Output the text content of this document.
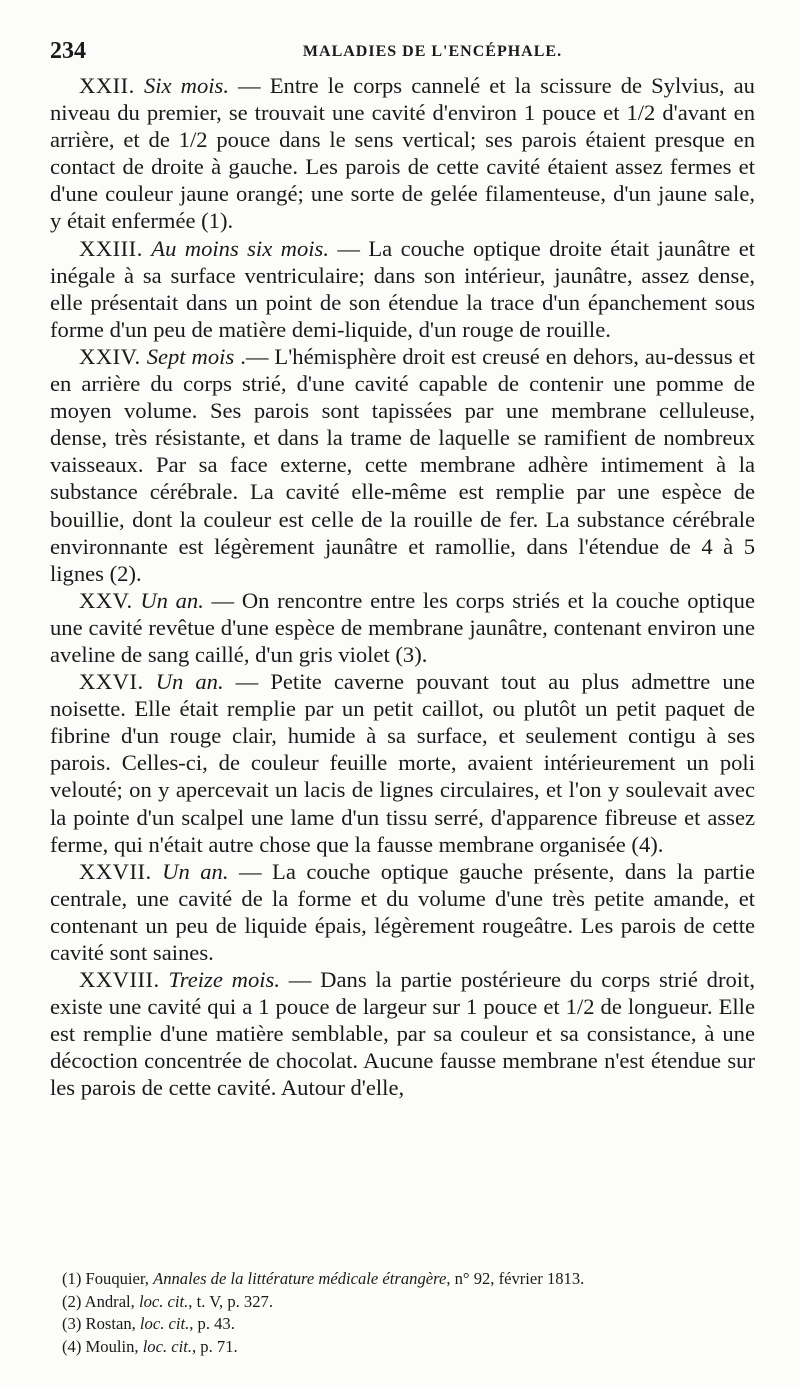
234	MALADIES DE L'ENCÉPHALE.

XXII. Six mois. — Entre le corps cannelé et la scissure de Sylvius, au niveau du premier, se trouvait une cavité d'environ 1 pouce et 1/2 d'avant en arrière, et de 1/2 pouce dans le sens vertical; ses parois étaient presque en contact de droite à gauche. Les parois de cette cavité étaient assez fermes et d'une couleur jaune orangé; une sorte de gelée filamenteuse, d'un jaune sale, y était enfermée (1).

XXIII. Au moins six mois. — La couche optique droite était jaunâtre et inégale à sa surface ventriculaire; dans son intérieur, jaunâtre, assez dense, elle présentait dans un point de son étendue la trace d'un épanchement sous forme d'un peu de matière demi-liquide, d'un rouge de rouille.

XXIV. Sept mois .— L'hémisphère droit est creusé en dehors, au-dessus et en arrière du corps strié, d'une cavité capable de contenir une pomme de moyen volume. Ses parois sont tapissées par une membrane celluleuse, dense, très résistante, et dans la trame de laquelle se ramifient de nombreux vaisseaux. Par sa face externe, cette membrane adhère intimement à la substance cérébrale. La cavité elle-même est remplie par une espèce de bouillie, dont la couleur est celle de la rouille de fer. La substance cérébrale environnante est légèrement jaunâtre et ramollie, dans l'étendue de 4 à 5 lignes (2).

XXV. Un an. — On rencontre entre les corps striés et la couche optique une cavité revêtue d'une espèce de membrane jaunâtre, contenant environ une aveline de sang caillé, d'un gris violet (3).

XXVI. Un an. — Petite caverne pouvant tout au plus admettre une noisette. Elle était remplie par un petit caillot, ou plutôt un petit paquet de fibrine d'un rouge clair, humide à sa surface, et seulement contigu à ses parois. Celles-ci, de couleur feuille morte, avaient intérieurement un poli velouté; on y apercevait un lacis de lignes circulaires, et l'on y soulevait avec la pointe d'un scalpel une lame d'un tissu serré, d'apparence fibreuse et assez ferme, qui n'était autre chose que la fausse membrane organisée (4).

XXVII. Un an. — La couche optique gauche présente, dans la partie centrale, une cavité de la forme et du volume d'une très petite amande, et contenant un peu de liquide épais, légèrement rougeâtre. Les parois de cette cavité sont saines.

XXVIII. Treize mois. — Dans la partie postérieure du corps strié droit, existe une cavité qui a 1 pouce de largeur sur 1 pouce et 1/2 de longueur. Elle est remplie d'une matière semblable, par sa couleur et sa consistance, à une décoction concentrée de chocolat. Aucune fausse membrane n'est étendue sur les parois de cette cavité. Autour d'elle,

(1) Fouquier, Annales de la littérature médicale étrangère, n° 92, février 1813.

(2) Andral, loc. cit., t. V, p. 327.

(3) Rostan, loc. cit., p. 43.

(4) Moulin, loc. cit., p. 71.
